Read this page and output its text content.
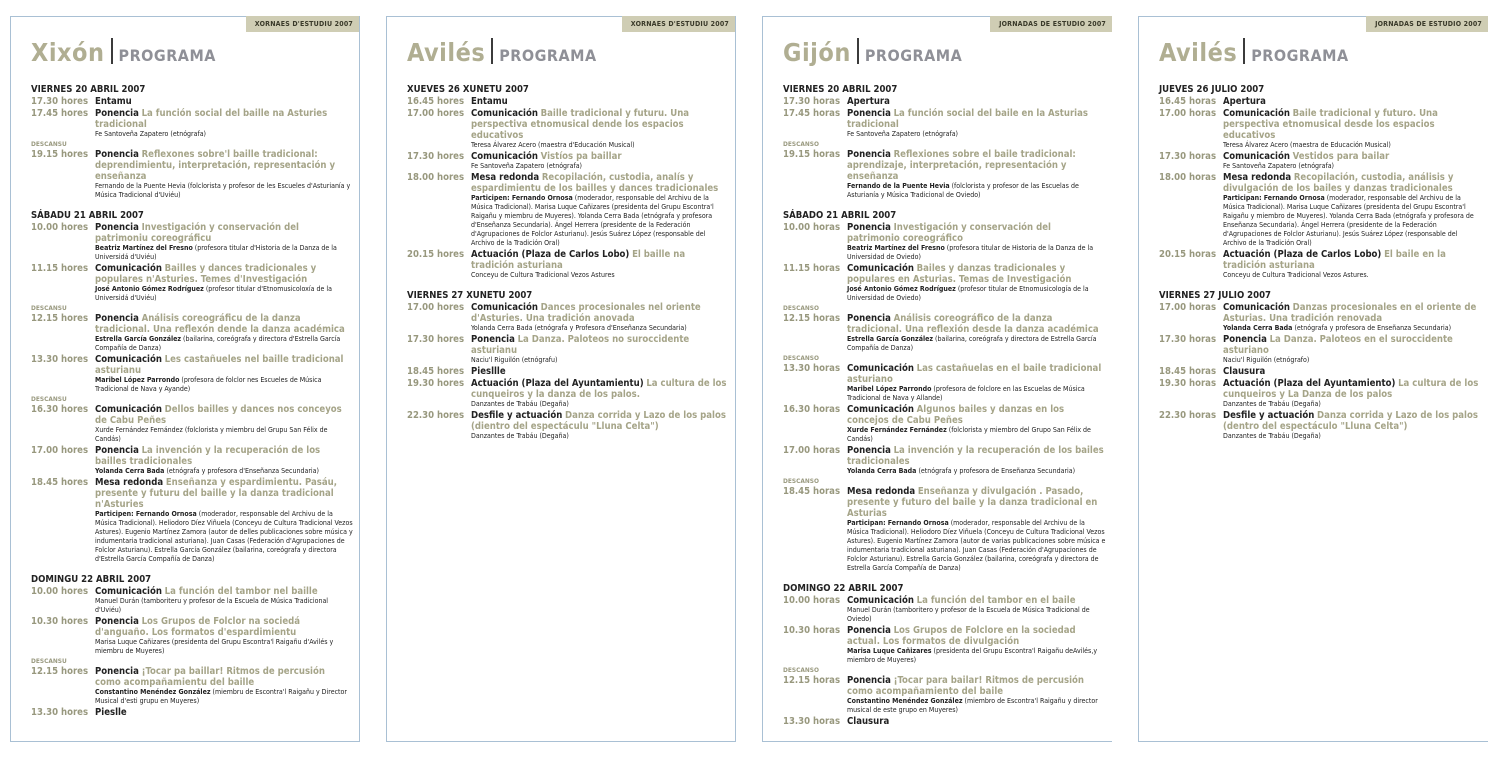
XORNAES D'ESTUDIU 2007
Xixón PROGRAMA
VIERNES 20 ABRIL 2007
17.30 hores Entamu
17.45 hores Ponencia La función social del baille na Asturies tradicional
Fe Santoveña Zapatero (etnógrafa)
DESCANSU
19.15 hores Ponencia Reflexones sobre'l baille tradicional: deprendimientu, interpretación, representación y enseñanza
Fernando de la Puente Hevia (folclorista y profesor de les Escueles d'Asturianía y Música Tradicional d'Uviéu)
SÁBADU 21 ABRIL 2007
10.00 hores Ponencia Investigación y conservación del patrimoniu coreográficu
Beatriz Martínez del Fresno (profesora titular d'Historia de la Danza de la Universidá d'Uviéu)
11.15 hores Comunicación Bailles y dances tradicionales y populares n'Asturies. Temes d'Investigación
José Antonio Gómez Rodríguez (profesor titular d'Etnomusicoloxía de la Universidá d'Uviéu)
DESCANSU
12.15 hores Ponencia Análisis coreográficu de la danza tradicional. Una reflexón dende la danza académica
Estrella García González (bailarina, coreógrafa y directora d'Estrella García Compañía de Danza)
13.30 hores Comunicación Les castañueles nel baille tradicional asturianu
Maribel López Parrondo (profesora de folclor nes Escueles de Música Tradicional de Nava y Ayande)
DESCANSU
16.30 hores Comunicación Dellos bailles y dances nos conceyos de Cabu Peñes
Xurde Fernández Fernández (folclorista y miembru del Grupu San Félix de Candás)
17.00 hores Ponencia La invención y la recuperación de los bailles tradicionales
Yolanda Cerra Bada (etnógrafa y profesora d'Enseñanza Secundaria)
18.45 hores Mesa redonda Enseñanza y espardimientu. Pasáu, presente y futuru del baille y la danza tradicional n'Asturies
Participen: Fernando Ornosa (moderador, responsable del Archivu de la Música Tradicional). Heliodoro Díez Viñuela (Conceyu de Cultura Tradicional Vezos Astures). Eugenio Martínez Zamora (autor de delles publicaciones sobre música y indumentaria tradicional asturiana). Juan Casas (Federación d'Agrupaciones de Folclor Asturianu). Estrella García González (bailarina, coreógrafa y directora d'Estrella García Compañía de Danza)
DOMINGU 22 ABRIL 2007
10.00 hores Comunicación La función del tambor nel baille
Manuel Durán (tamboriteru y profesor de la Escuela de Música Tradicional d'Uviéu)
10.30 hores Ponencia Los Grupos de Folclor na sociedá d'anguaño. Los formatos d'espardimientu
Marisa Luque Cañizares (presidenta del Grupu Escontra'l Raigañu d'Avilés y miembru de Muyeres)
DESCANSU
12.15 hores Ponencia ¡Tocar pa baillar! Ritmos de percusión como acompañamientu del baille
Constantino Menéndez González (miembru de Escontra'l Raigañu y Director Musical d'esti grupu en Muyeres)
13.30 hores Pieslle
XORNAES D'ESTUDIU 2007
Avilés PROGRAMA
XUEVES 26 XUNETU 2007
16.45 hores Entamu
17.00 hores Comunicación Baille tradicional y futuru. Una perspectiva etnomusical dende los espacios educativos
Teresa Álvarez Acero (maestra d'Educación Musical)
17.30 hores Comunicación Vistíos pa baillar
Fe Santoveña Zapatero (etnógrafa)
18.00 hores Mesa redonda Recopilación, custodia, analís y espardimientu de los bailles y dances tradicionales
Participen: Fernando Ornosa (moderador, responsable del Archivu de la Música Tradicional). Marisa Luque Cañizares (presidenta del Grupu Escontra'l Raigañu y miembru de Muyeres). Yolanda Cerra Bada (etnógrafa y profesora d'Enseñanza Secundaria). Ángel Herrera (presidente de la Federación d'Agrupaciones de Folclor Asturianu). Jesús Suárez López (responsable del Archivo de la Tradición Oral)
20.15 hores Actuación (Plaza de Carlos Lobo) El baille na tradición asturiana
Conceyu de Cultura Tradicional Vezos Astures
VIERNES 27 XUNETU 2007
17.00 hores Comunicación Dances procesionales nel oriente d'Asturies. Una tradición anovada
Yolanda Cerra Bada (etnógrafa y Profesora d'Enseñanza Secundaria)
17.30 hores Ponencia La Danza. Paloteos no suroccidente asturianu
Naciu'l Riguilón (etnógrafu)
18.45 hores Piesllle
19.30 hores Actuación (Plaza del Ayuntamientu) La cultura de los cunqueiros y la danza de los palos.
Danzantes de Trabáu (Degaña)
22.30 hores Desfile y actuación Danza corrida y Lazo de los palos (dientro del espectáculu "Lluna Celta")
Danzantes de Trabáu (Degaña)
JORNADAS DE ESTUDIO 2007
Gijón PROGRAMA
VIERNES 20 ABRIL 2007
17.30 horas Apertura
17.45 horas Ponencia La función social del baile en la Asturias tradicional
Fe Santoveña Zapatero (etnógrafa)
DESCANSO
19.15 horas Ponencia Reflexiones sobre el baile tradicional: aprendizaje, interpretación, representación y enseñanza
Fernando de la Puente Hevia (folclorista y profesor de las Escuelas de Asturianía y Música Tradicional de Oviedo)
SÁBADO 21 ABRIL 2007
10.00 horas Ponencia Investigación y conservación del patrimonio coreográfico
Beatriz Martínez del Fresno (profesora titular de Historia de la Danza de la Universidad de Oviedo)
11.15 horas Comunicación Bailes y danzas tradicionales y populares en Asturias. Temas de Investigación
José Antonio Gómez Rodríguez (profesor titular de Etnomusicología de la Universidad de Oviedo)
DESCANSO
12.15 horas Ponencia Análisis coreográfico de la danza tradicional. Una reflexión desde la danza académica
Estrella García González (bailarina, coreógrafa y directora de Estrella García Compañía de Danza)
DESCANSO
13.30 horas Comunicación Las castañuelas en el baile tradicional asturiano
Maribel López Parrondo (profesora de folclore en las Escuelas de Música Tradicional de Nava y Allande)
16.30 horas Comunicación Algunos bailes y danzas en los concejos de Cabu Peñes
Xurde Fernández Fernández (folclorista y miembro del Grupo San Félix de Candás)
17.00 horas Ponencia La invención y la recuperación de los bailes tradicionales
Yolanda Cerra Bada (etnógrafa y profesora de Enseñanza Secundaria)
DESCANSO
18.45 horas Mesa redonda Enseñanza y divulgación . Pasado, presente y futuro del baile y la danza tradicional en Asturias
Participan: Fernando Ornosa (moderador, responsable del Archivu de la Música Tradicional). Heliodoro Díez Viñuela (Conceyu de Cultura Tradicional Vezos Astures). Eugenio Martínez Zamora (autor de varias publicaciones sobre música e indumentaria tradicional asturiana). Juan Casas (Federación d'Agrupaciones de Folclor Asturianu). Estrella García González (bailarina, coreógrafa y directora de Estrella García Compañía de Danza)
DOMINGO 22 ABRIL 2007
10.00 horas Comunicación La función del tambor en el baile
Manuel Durán (tamboritero y profesor de la Escuela de Música Tradicional de Oviedo)
10.30 horas Ponencia Los Grupos de Folclore en la sociedad actual. Los formatos de divulgación
Marisa Luque Cañizares (presidenta del Grupu Escontra'l Raigañu deAvilés,y miembro de Muyeres)
DESCANSO
12.15 horas Ponencia ¡Tocar para bailar! Ritmos de percusión como acompañamiento del baile
Constantino Menéndez González (miembro de Escontra'l Raigañu y director musical de este grupo en Muyeres)
13.30 horas Clausura
JORNADAS DE ESTUDIO 2007
Avilés PROGRAMA
JUEVES 26 JULIO 2007
16.45 horas Apertura
17.00 horas Comunicación Baile tradicional y futuro. Una perspectiva etnomusical desde los espacios educativos
Teresa Álvarez Acero (maestra de Educación Musical)
17.30 horas Comunicación Vestidos para bailar
Fe Santoveña Zapatero (etnógrafa)
18.00 horas Mesa redonda Recopilación, custodia, análisis y divulgación de los bailes y danzas tradicionales
Participan: Fernando Ornosa (moderador, responsable del Archivu de la Música Tradicional). Marisa Luque Cañizares (presidenta del Grupu Escontra'l Raigañu y miembro de Muyeres). Yolanda Cerra Bada (etnógrafa y profesora de Enseñanza Secundaria). Ángel Herrera (presidente de la Federación d'Agrupaciones de Folclor Asturianu). Jesús Suárez López (responsable del Archivo de la Tradición Oral)
20.15 horas Actuación (Plaza de Carlos Lobo) El baile en la tradición asturiana
Conceyu de Cultura Tradicional Vezos Astures.
VIERNES 27 JULIO 2007
17.00 horas Comunicación Danzas procesionales en el oriente de Asturias. Una tradición renovada
Yolanda Cerra Bada (etnógrafa y profesora de Enseñanza Secundaria)
17.30 horas Ponencia La Danza. Paloteos en el suroccidente asturiano
Naciu'l Riguilón (etnógrafo)
18.45 horas Clausura
19.30 horas Actuación (Plaza del Ayuntamiento) La cultura de los cunqueiros y La Danza de los palos
Danzantes de Trabáu (Degaña)
22.30 horas Desfile y actuación Danza corrida y Lazo de los palos (dentro del espectáculo "Lluna Celta")
Danzantes de Trabáu (Degaña)
